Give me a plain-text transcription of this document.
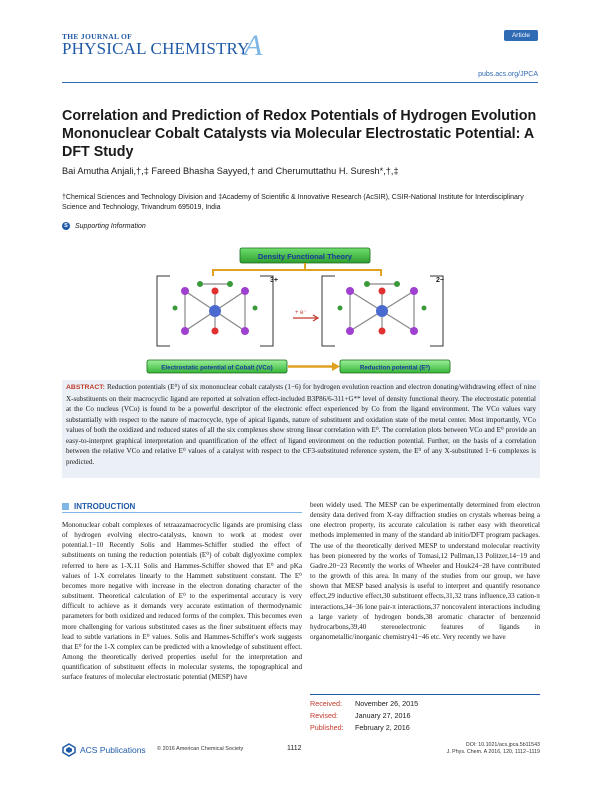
THE JOURNAL OF
PHYSICAL CHEMISTRY
A	Article
pubs.acs.org/JPCA
Correlation and Prediction of Redox Potentials of Hydrogen Evolution Mononuclear Cobalt Catalysts via Molecular Electrostatic Potential: A DFT Study
Bai Amutha Anjali,†,‡ Fareed Bhasha Sayyed,† and Cherumuttathu H. Suresh*,†,‡
†Chemical Sciences and Technology Division and ‡Academy of Scientific & Innovative Research (AcSIR), CSIR-National Institute for Interdisciplinary Science and Technology, Trivandrum 695019, India
S	Supporting Information
Density Functional Theory
3+
+ e⁻
2−
Electrostatic potential of Cobalt (VCo)	Reduction potential (E⁰)
ABSTRACT: Reduction potentials (E⁰) of six mononuclear cobalt catalysts (1−6) for hydrogen evolution reaction and electron donating/withdrawing effect of nine X-substituents on their macrocyclic ligand are reported at solvation effect-included B3P86/6-311+G** level of density functional theory. The electrostatic potential at the Co nucleus (VCo) is found to be a powerful descriptor of the electronic effect experienced by Co from the ligand environment. The VCo values vary substantially with respect to the nature of macrocycle, type of apical ligands, nature of substituent and oxidation state of the metal center. Most importantly, VCo values of both the oxidized and reduced states of all the six complexes show strong linear correlation with E⁰. The correlation plots between VCo and E⁰ provide an easy-to-interpret graphical interpretation and quantification of the effect of ligand environment on the reduction potential. Further, on the basis of a correlation between the relative VCo and relative E⁰ values of a catalyst with respect to the CF3-substituted reference system, the E⁰ of any X-substituted 1−6 complexes is predicted.
INTRODUCTION
Mononuclear cobalt complexes of tetraazamacrocyclic ligands are promising class of hydrogen evolving electro-catalysts, known to work at modest over potential.1−10 Recently Solis and Hammes-Schiffer studied the effect of substituents on tuning the reduction potentials (E⁰) of cobalt diglyoxime complex referred to here as 1-X.11 Solis and Hammes-Schiffer showed that E⁰ and pKa values of 1-X correlates linearly to the Hammett substituent constant. The E⁰ becomes more negative with increase in the electron donating character of the substituent. Theoretical calculation of E⁰ to the experimental accuracy is very difficult to achieve as it demands very accurate estimation of thermodynamic parameters for both oxidized and reduced forms of the complex. This becomes even more challenging for various substituted cases as the finer substituent effects may lead to subtle variations in E⁰ values. Solis and Hammes-Schiffer's work suggests that E⁰ for the 1-X complex can be predicted with a knowledge of substituent effect. Among the theoretically derived properties useful for the interpretation and quantification of substituent effects in molecular systems, the topographical and surface features of molecular electrostatic potential (MESP) have
been widely used. The MESP can be experimentally determined from electron density data derived from X-ray diffraction studies on crystals whereas being a one electron property, its accurate calculation is rather easy with theoretical methods implemented in many of the standard ab initio/DFT program packages. The use of the theoretically derived MESP to understand molecular reactivity has been pioneered by the works of Tomasi,12 Pullman,13 Politzer,14−19 and Gadre.20−23 Recently the works of Wheeler and Houk24−28 have contributed to the growth of this area. In many of the studies from our group, we have shown that MESP based analysis is useful to interpret and quantify resonance effect,29 inductive effect,30 substituent effects,31,32 trans influence,33 cation-π interactions,34−36 lone pair-π interactions,37 noncovalent interactions including a large variety of hydrogen bonds,38 aromatic character of benzenoid hydrocarbons,39,40 stereoelectronic features of ligands in organometallic/inorganic chemistry41−46 etc. Very recently we have
Received:	November 26, 2015
Revised:	January 27, 2016
Published:	February 2, 2016
ACS Publications © 2016 American Chemical Society	1112	DOI: 10.1021/acs.jpca.5b11543
J. Phys. Chem. A 2016, 120, 1112−1119
